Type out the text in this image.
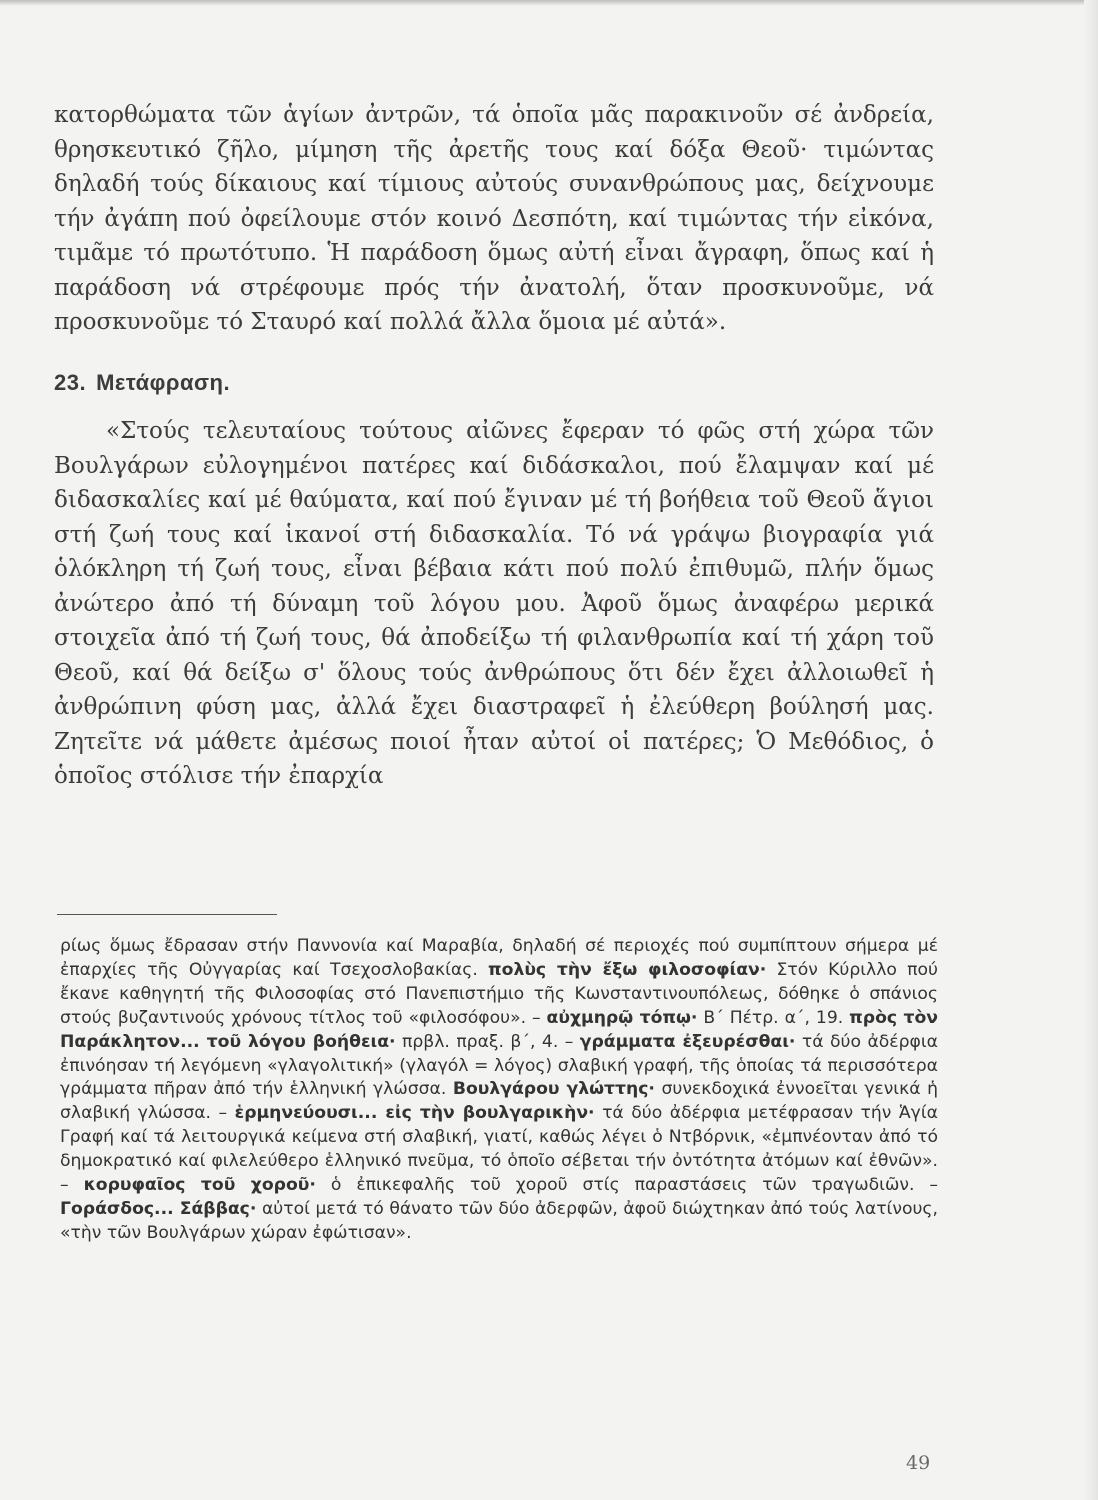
κατορθώματα τῶν ἁγίων ἀντρῶν, τά ὁποῖα μᾶς παρακινοῦν σέ ἀνδρεία, θρησκευτικό ζῆλο, μίμηση τῆς ἀρετῆς τους καί δόξα Θεοῦ· τιμώντας δηλαδή τούς δίκαιους καί τίμιους αὐτούς συνανθρώπους μας, δείχνουμε τήν ἀγάπη πού ὀφείλουμε στόν κοινό Δεσπότη, καί τιμώντας τήν εἰκόνα, τιμᾶμε τό πρωτότυπο. Ἡ παράδοση ὅμως αὐτή εἶναι ἄγραφη, ὅπως καί ἡ παράδοση νά στρέφουμε πρός τήν ἀνατολή, ὅταν προσκυνοῦμε, νά προσκυνοῦμε τό Σταυρό καί πολλά ἄλλα ὅμοια μέ αὐτά».

23. Μετάφραση.

«Στούς τελευταίους τούτους αἰῶνες ἔφεραν τό φῶς στή χώρα τῶν Βουλγάρων εὐλογημένοι πατέρες καί διδάσκαλοι, πού ἔλαμψαν καί μέ διδασκαλίες καί μέ θαύματα, καί πού ἔγιναν μέ τή βοήθεια τοῦ Θεοῦ ἅγιοι στή ζωή τους καί ἱκανοί στή διδασκαλία. Τό νά γράψω βιογραφία γιά ὁλόκληρη τή ζωή τους, εἶναι βέβαια κάτι πού πολύ ἐπιθυμῶ, πλήν ὅμως ἀνώτερο ἀπό τή δύναμη τοῦ λόγου μου. Ἀφοῦ ὅμως ἀναφέρω μερικά στοιχεῖα ἀπό τή ζωή τους, θά ἀποδείξω τή φιλανθρωπία καί τή χάρη τοῦ Θεοῦ, καί θά δείξω σ' ὅλους τούς ἀνθρώπους ὅτι δέν ἔχει ἀλλοιωθεῖ ἡ ἀνθρώπινη φύση μας, ἀλλά ἔχει διαστραφεῖ ἡ ἐλεύθερη βούλησή μας. Ζητεῖτε νά μάθετε ἀμέσως ποιοί ἦταν αὐτοί οἱ πατέρες; Ὁ Μεθόδιος, ὁ ὁποῖος στόλισε τήν ἐπαρχία

ρίως ὅμως ἔδρασαν στήν Παννονία καί Μαραβία, δηλαδή σέ περιοχές πού συμπίπτουν σήμερα μέ ἐπαρχίες τῆς Οὐγγαρίας καί Τσεχοσλοβακίας. πολὺς τὴν ἔξω φιλοσοφίαν· Στόν Κύριλλο πού ἔκανε καθηγητή τῆς Φιλοσοφίας στό Πανεπιστήμιο τῆς Κωνσταντινουπόλεως, δόθηκε ὁ σπάνιος στούς βυζαντινούς χρόνους τίτλος τοῦ «φιλοσόφου». – αὐχμηρῷ τόπῳ· Β΄ Πέτρ. α΄, 19. πρὸς τὸν Παράκλητον... τοῦ λόγου βοήθεια· πρβλ. πραξ. β΄, 4. – γράμματα ἐξευρέσθαι· τά δύο ἀδέρφια ἐπινόησαν τή λεγόμενη «γλαγολιτική» (γλαγόλ = λόγος) σλαβική γραφή, τῆς ὁποίας τά περισσότερα γράμματα πῆραν ἀπό τήν ἑλληνική γλώσσα. Βουλγάρου γλώττης· συνεκδοχικά ἐννοεῖται γενικά ἡ σλαβική γλώσσα. – ἑρμηνεύουσι... εἰς τὴν βουλγαρικὴν· τά δύο ἀδέρφια μετέφρασαν τήν Ἁγία Γραφή καί τά λειτουργικά κείμενα στή σλαβική, γιατί, καθώς λέγει ὁ Ντβόρνικ, «ἐμπνέονταν ἀπό τό δημοκρατικό καί φιλελεύθερο ἑλληνικό πνεῦμα, τό ὁποῖο σέβεται τήν ὀντότητα ἀτόμων καί ἐθνῶν». – κορυφαῖος τοῦ χοροῦ· ὁ ἐπικεφαλῆς τοῦ χοροῦ στίς παραστάσεις τῶν τραγωδιῶν. – Γοράσδος... Σάββας· αὐτοί μετά τό θάνατο τῶν δύο ἀδερφῶν, ἀφοῦ διώχτηκαν ἀπό τούς λατίνους, «τὴν τῶν Βουλγάρων χώραν ἐφώτισαν».
49
